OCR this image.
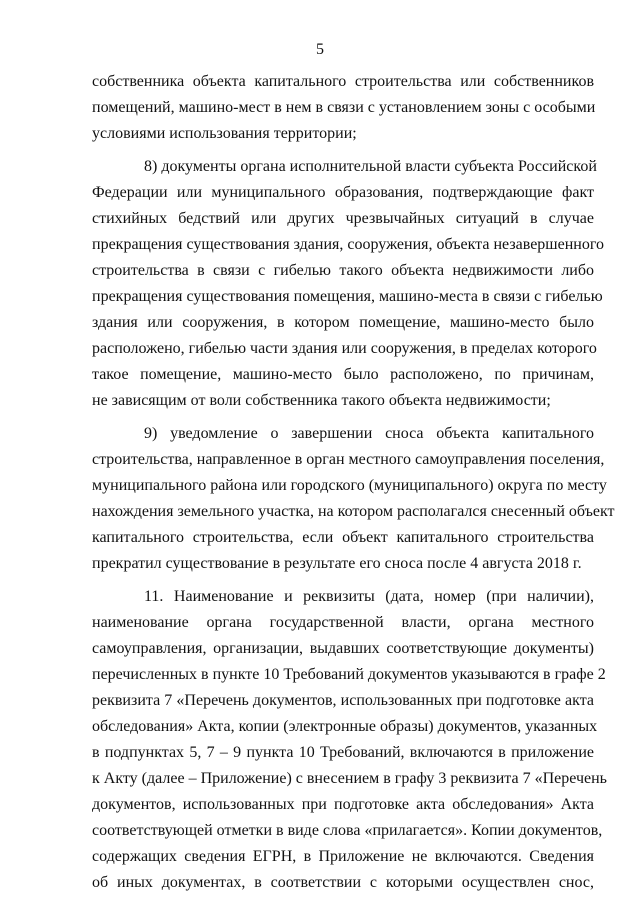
5
собственника объекта капитального строительства или собственников
помещений, машино-мест в нем в связи с установлением зоны с особыми
условиями использования территории;
8) документы органа исполнительной власти субъекта Российской
Федерации или муниципального образования, подтверждающие факт
стихийных бедствий или других чрезвычайных ситуаций в случае
прекращения существования здания, сооружения, объекта незавершенного
строительства в связи с гибелью такого объекта недвижимости либо
прекращения существования помещения, машино-места в связи с гибелью
здания или сооружения, в котором помещение, машино-место было
расположено, гибелью части здания или сооружения, в пределах которого
такое помещение, машино-место было расположено, по причинам,
не зависящим от воли собственника такого объекта недвижимости;
9) уведомление о завершении сноса объекта капитального
строительства, направленное в орган местного самоуправления поселения,
муниципального района или городского (муниципального) округа по месту
нахождения земельного участка, на котором располагался снесенный объект
капитального строительства, если объект капитального строительства
прекратил существование в результате его сноса после 4 августа 2018 г.
11. Наименование и реквизиты (дата, номер (при наличии),
наименование органа государственной власти, органа местного
самоуправления, организации, выдавших соответствующие документы)
перечисленных в пункте 10 Требований документов указываются в графе 2
реквизита 7 «Перечень документов, использованных при подготовке акта
обследования» Акта, копии (электронные образы) документов, указанных
в подпунктах 5, 7 – 9 пункта 10 Требований, включаются в приложение
к Акту (далее – Приложение) с внесением в графу 3 реквизита 7 «Перечень
документов, использованных при подготовке акта обследования» Акта
соответствующей отметки в виде слова «прилагается». Копии документов,
содержащих сведения ЕГРН, в Приложение не включаются. Сведения
об иных документах, в соответствии с которыми осуществлен снос,
